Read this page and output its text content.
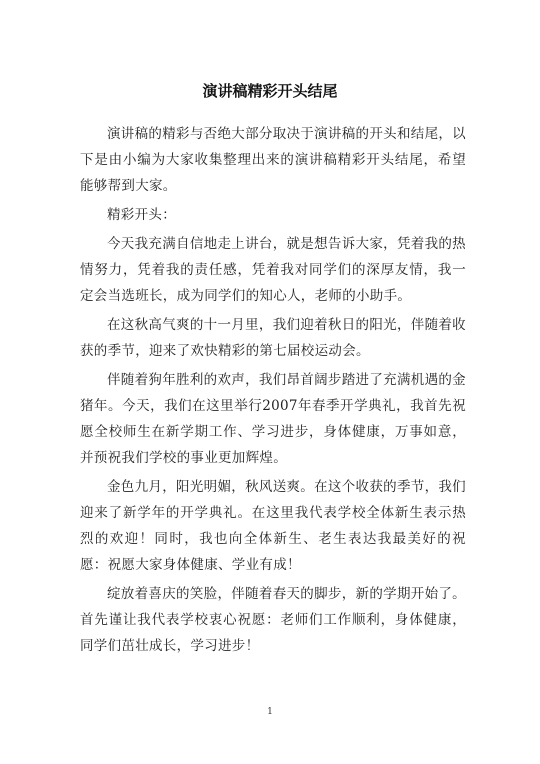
演讲稿精彩开头结尾

演讲稿的精彩与否绝大部分取决于演讲稿的开头和结尾，以下是由小编为大家收集整理出来的演讲稿精彩开头结尾，希望能够帮到大家。

精彩开头：

今天我充满自信地走上讲台，就是想告诉大家，凭着我的热情努力，凭着我的责任感，凭着我对同学们的深厚友情，我一定会当选班长，成为同学们的知心人，老师的小助手。

在这秋高气爽的十一月里，我们迎着秋日的阳光，伴随着收获的季节，迎来了欢快精彩的第七届校运动会。

伴随着狗年胜利的欢声，我们昂首阔步踏进了充满机遇的金猪年。今天，我们在这里举行2007年春季开学典礼，我首先祝愿全校师生在新学期工作、学习进步，身体健康，万事如意，并预祝我们学校的事业更加辉煌。

金色九月，阳光明媚，秋风送爽。在这个收获的季节，我们迎来了新学年的开学典礼。在这里我代表学校全体新生表示热烈的欢迎！同时，我也向全体新生、老生表达我最美好的祝愿：祝愿大家身体健康、学业有成！

绽放着喜庆的笑脸，伴随着春天的脚步，新的学期开始了。首先谨让我代表学校衷心祝愿：老师们工作顺利，身体健康，同学们茁壮成长，学习进步！

1
